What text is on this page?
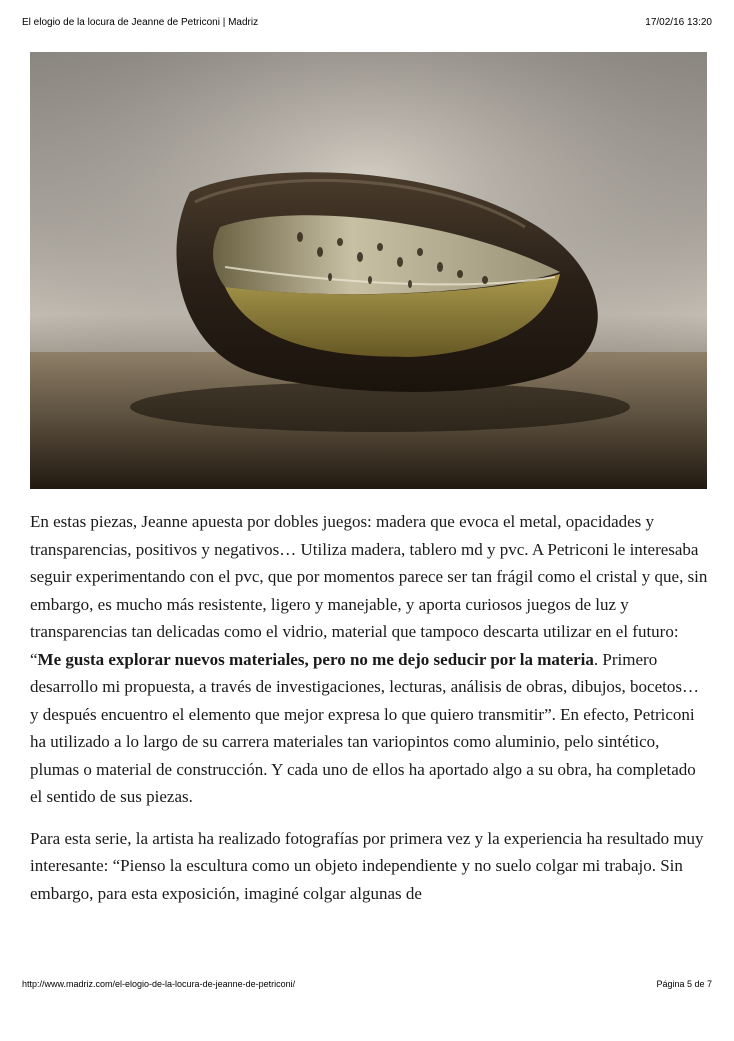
El elogio de la locura de Jeanne de Petriconi | Madriz	17/02/16 13:20

En estas piezas, Jeanne apuesta por dobles juegos: madera que evoca el metal, opacidades y transparencias, positivos y negativos… Utiliza madera, tablero md y pvc. A Petriconi le interesaba seguir experimentando con el pvc, que por momentos parece ser tan frágil como el cristal y que, sin embargo, es mucho más resistente, ligero y manejable, y aporta curiosos juegos de luz y transparencias tan delicadas como el vidrio, material que tampoco descarta utilizar en el futuro: “Me gusta explorar nuevos materiales, pero no me dejo seducir por la materia. Primero desarrollo mi propuesta, a través de investigaciones, lecturas, análisis de obras, dibujos, bocetos… y después encuentro el elemento que mejor expresa lo que quiero transmitir”. En efecto, Petriconi ha utilizado a lo largo de su carrera materiales tan variopintos como aluminio, pelo sintético, plumas o material de construcción. Y cada uno de ellos ha aportado algo a su obra, ha completado el sentido de sus piezas.

Para esta serie, la artista ha realizado fotografías por primera vez y la experiencia ha resultado muy interesante: “Pienso la escultura como un objeto independiente y no suelo colgar mi trabajo. Sin embargo, para esta exposición, imaginé colgar algunas de

http://www.madriz.com/el-elogio-de-la-locura-de-jeanne-de-petriconi/	Página 5 de 7
